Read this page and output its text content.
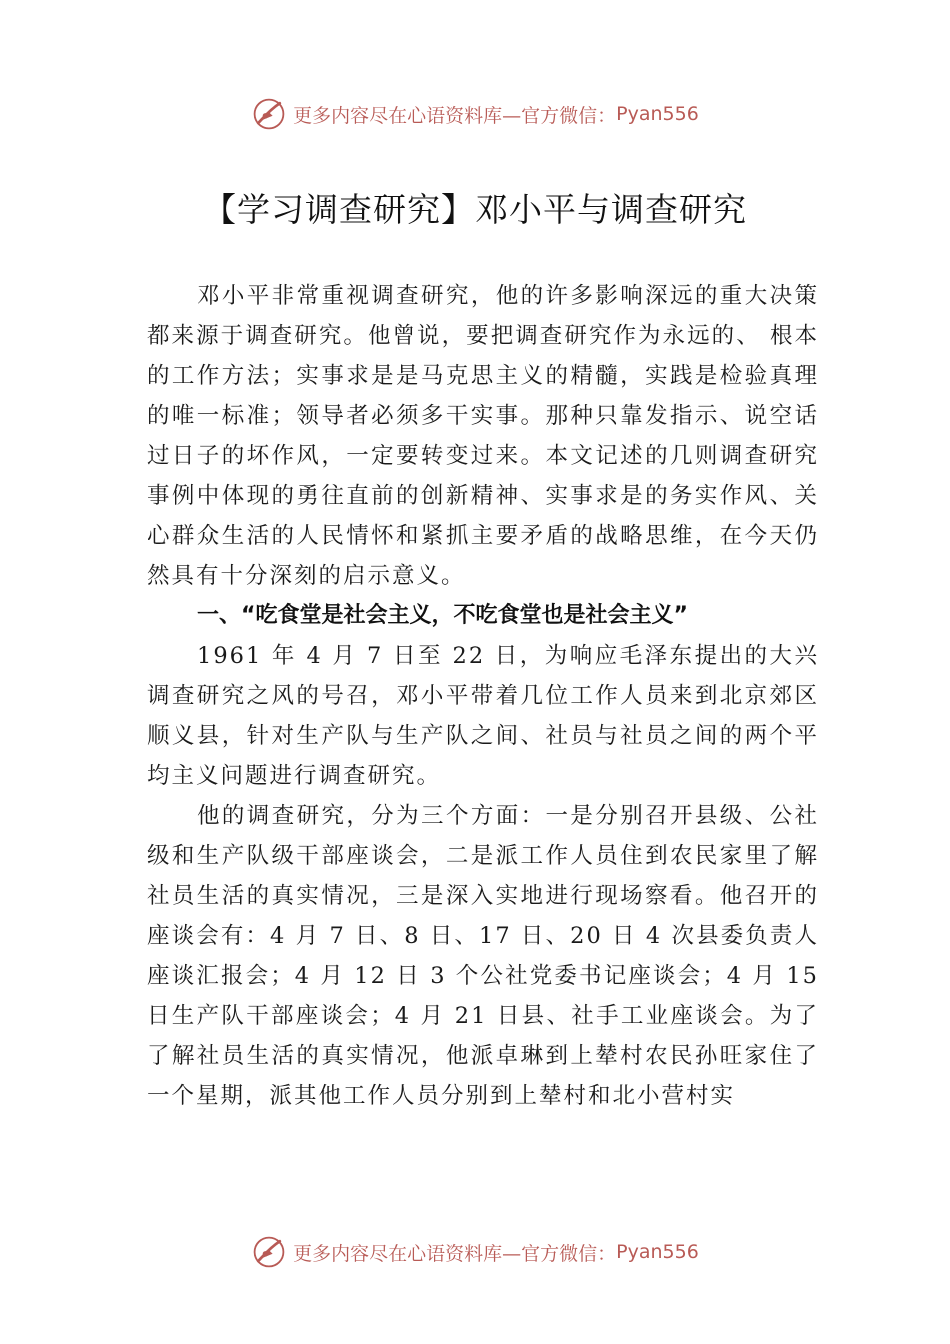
更多内容尽在心语资料库—官方微信： Pyan556
【学习调查研究】邓小平与调查研究

邓小平非常重视调查研究，他的许多影响深远的重大决策都来源于调查研究。他曾说，要把调查研究作为永远的、 根本的工作方法；实事求是是马克思主义的精髓，实践是检验真理的唯一标准；领导者必须多干实事。那种只靠发指示、说空话过日子的坏作风，一定要转变过来。本文记述的几则调查研究事例中体现的勇往直前的创新精神、实事求是的务实作风、关心群众生活的人民情怀和紧抓主要矛盾的战略思维，在今天仍然具有十分深刻的启示意义。

一、“吃食堂是社会主义，不吃食堂也是社会主义”

1961 年 4 月 7 日至 22 日，为响应毛泽东提出的大兴调查研究之风的号召，邓小平带着几位工作人员来到北京郊区顺义县，针对生产队与生产队之间、社员与社员之间的两个平均主义问题进行调查研究。

他的调查研究，分为三个方面：一是分别召开县级、公社级和生产队级干部座谈会，二是派工作人员住到农民家里了解社员生活的真实情况，三是深入实地进行现场察看。他召开的座谈会有：4 月 7 日、8 日、17 日、20 日 4 次县委负责人座谈汇报会；4 月 12 日 3 个公社党委书记座谈会；4 月 15 日生产队干部座谈会；4 月 21 日县、社手工业座谈会。为了了解社员生活的真实情况，他派卓琳到上辇村农民孙旺家住了一个星期，派其他工作人员分别到上辇村和北小营村实

更多内容尽在心语资料库—官方微信： Pyan556
